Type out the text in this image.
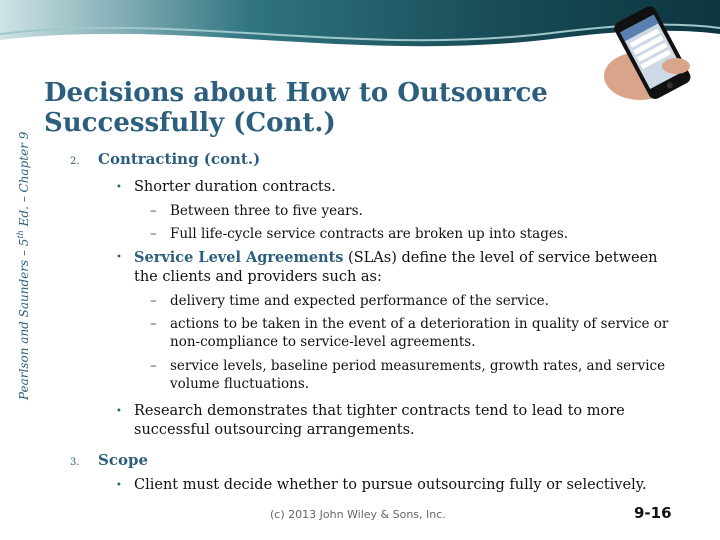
Pearlson and Saunders – 5th Ed. – Chapter 9
Decisions about How to Outsource
Successfully (Cont.)
2. Contracting (cont.)
• Shorter duration contracts.
– Between three to five years.
– Full life-cycle service contracts are broken up into stages.
• Service Level Agreements (SLAs) define the level of service between
the clients and providers such as:
– delivery time and expected performance of the service.
– actions to be taken in the event of a deterioration in quality of service or
non-compliance to service-level agreements.
– service levels, baseline period measurements, growth rates, and service
volume fluctuations.
• Research demonstrates that tighter contracts tend to lead to more
successful outsourcing arrangements.
3. Scope
• Client must decide whether to pursue outsourcing fully or selectively.
(c) 2013 John Wiley & Sons, Inc.	9-16
